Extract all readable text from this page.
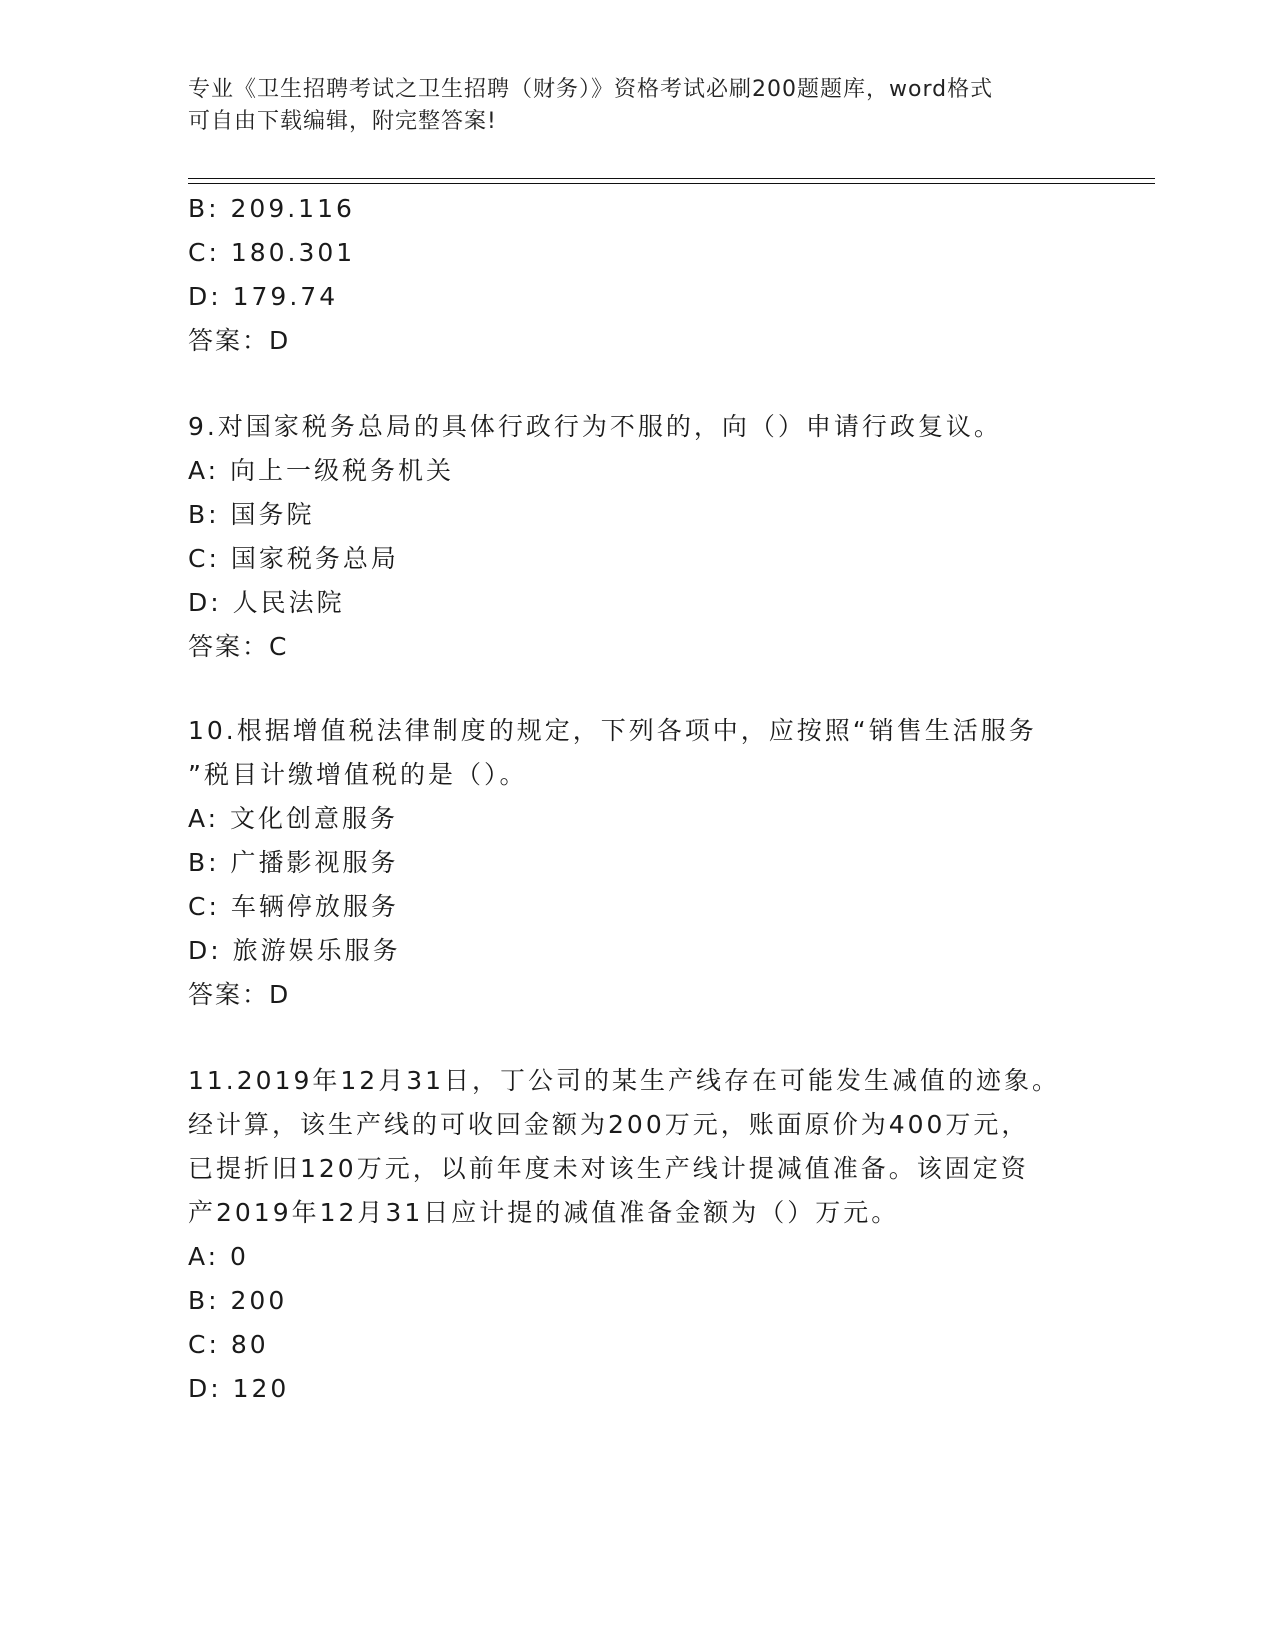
专业《卫生招聘考试之卫生招聘（财务）》资格考试必刷200题题库，word格式
可自由下载编辑，附完整答案!
B: 209.116
C: 180.301
D: 179.74
答案：D
9.对国家税务总局的具体行政行为不服的，向（）申请行政复议。
A: 向上一级税务机关
B: 国务院
C: 国家税务总局
D: 人民法院
答案：C
10.根据增值税法律制度的规定，下列各项中，应按照“销售生活服务
”税目计缴增值税的是（）。
A: 文化创意服务
B: 广播影视服务
C: 车辆停放服务
D: 旅游娱乐服务
答案：D
11.2019年12月31日，丁公司的某生产线存在可能发生减值的迹象。
经计算，该生产线的可收回金额为200万元，账面原价为400万元，
已提折旧120万元，以前年度未对该生产线计提减值准备。该固定资
产2019年12月31日应计提的减值准备金额为（）万元。
A: 0
B: 200
C: 80
D: 120
